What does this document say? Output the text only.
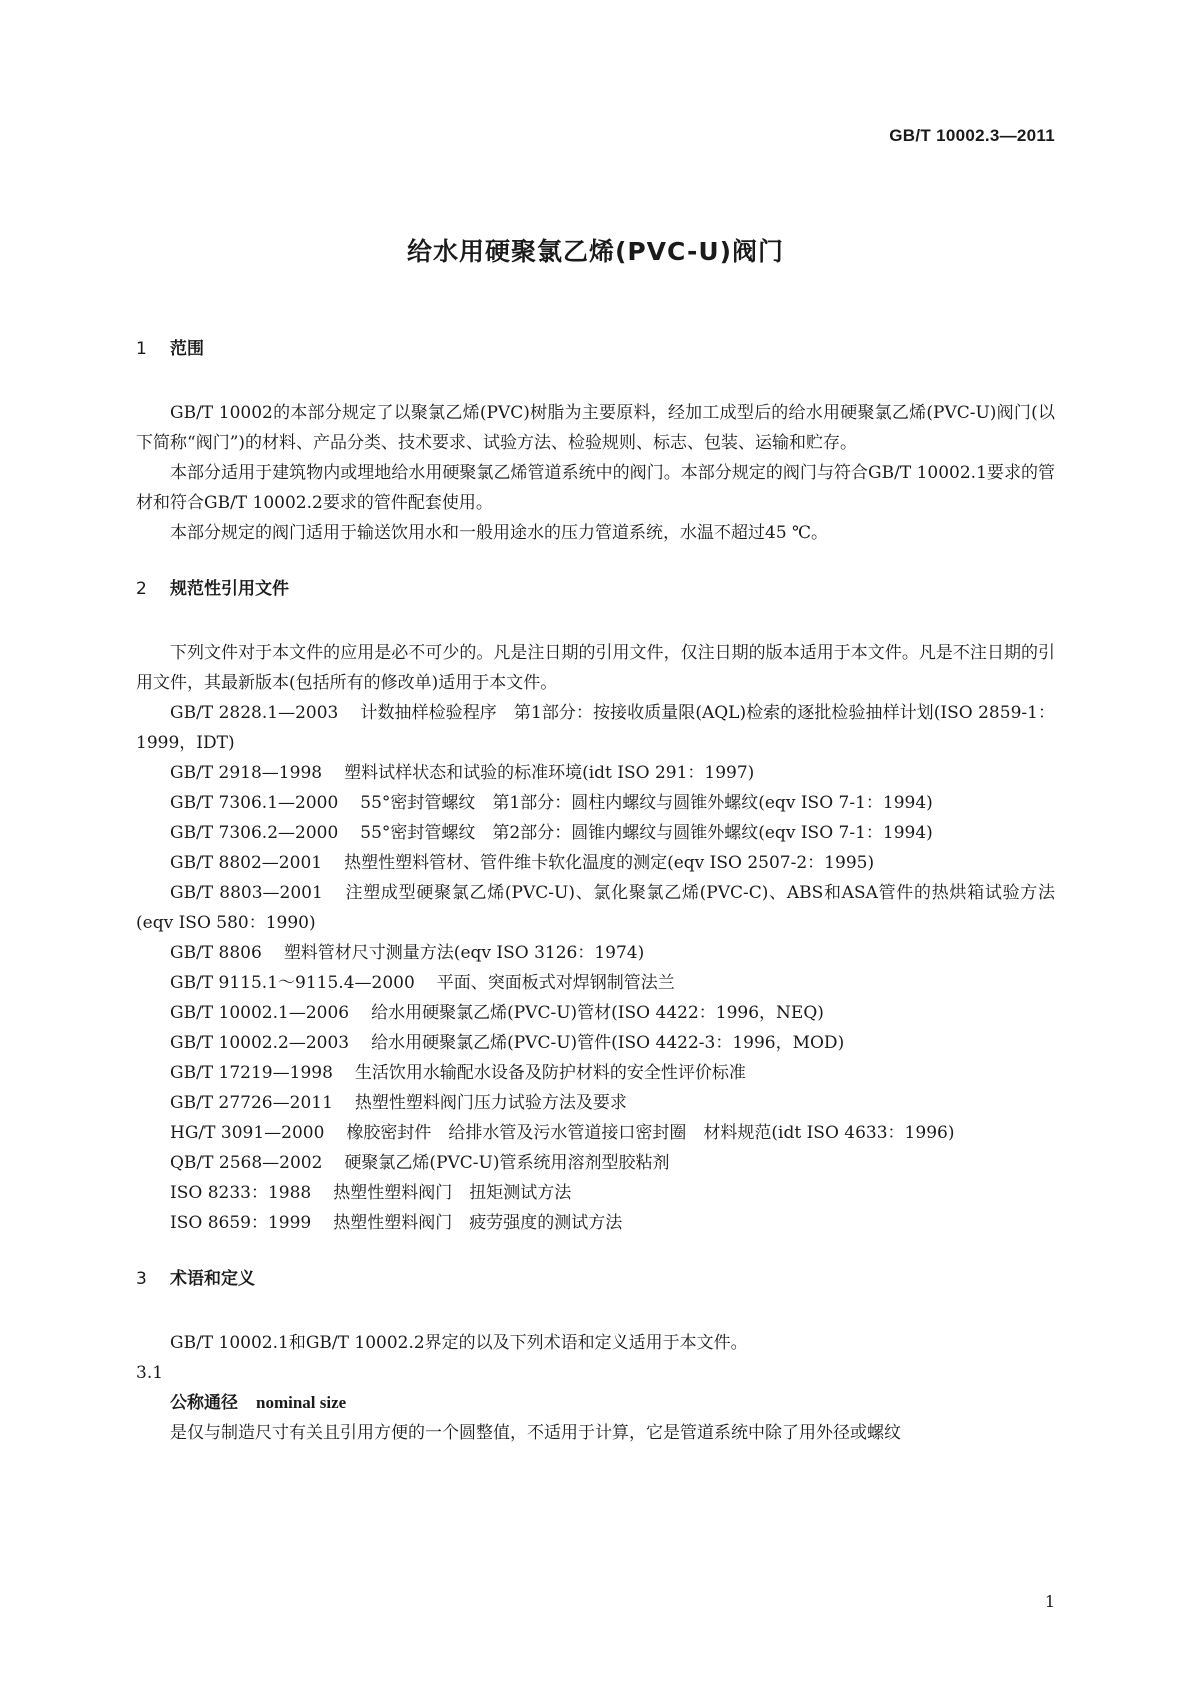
GB/T 10002.3—2011
给水用硬聚氯乙烯(PVC-U)阀门
1 范围

GB/T 10002的本部分规定了以聚氯乙烯(PVC)树脂为主要原料，经加工成型后的给水用硬聚氯乙烯(PVC-U)阀门(以下简称“阀门”)的材料、产品分类、技术要求、试验方法、检验规则、标志、包装、运输和贮存。

本部分适用于建筑物内或埋地给水用硬聚氯乙烯管道系统中的阀门。本部分规定的阀门与符合GB/T 10002.1要求的管材和符合GB/T 10002.2要求的管件配套使用。

本部分规定的阀门适用于输送饮用水和一般用途水的压力管道系统，水温不超过45 ℃。

2 规范性引用文件

下列文件对于本文件的应用是必不可少的。凡是注日期的引用文件，仅注日期的版本适用于本文件。凡是不注日期的引用文件，其最新版本(包括所有的修改单)适用于本文件。

GB/T 2828.1—2003 计数抽样检验程序　第1部分：按接收质量限(AQL)检索的逐批检验抽样计划(ISO 2859-1：1999，IDT)
GB/T 2918—1998 塑料试样状态和试验的标准环境(idt ISO 291：1997)
GB/T 7306.1—2000 55°密封管螺纹　第1部分：圆柱内螺纹与圆锥外螺纹(eqv ISO 7-1：1994)
GB/T 7306.2—2000 55°密封管螺纹　第2部分：圆锥内螺纹与圆锥外螺纹(eqv ISO 7-1：1994)
GB/T 8802—2001 热塑性塑料管材、管件维卡软化温度的测定(eqv ISO 2507-2：1995)
GB/T 8803—2001 注塑成型硬聚氯乙烯(PVC-U)、氯化聚氯乙烯(PVC-C)、ABS和ASA管件的热烘箱试验方法(eqv ISO 580：1990)
GB/T 8806 塑料管材尺寸测量方法(eqv ISO 3126：1974)
GB/T 9115.1～9115.4—2000 平面、突面板式对焊钢制管法兰
GB/T 10002.1—2006 给水用硬聚氯乙烯(PVC-U)管材(ISO 4422：1996，NEQ)
GB/T 10002.2—2003 给水用硬聚氯乙烯(PVC-U)管件(ISO 4422-3：1996，MOD)
GB/T 17219—1998 生活饮用水输配水设备及防护材料的安全性评价标准
GB/T 27726—2011 热塑性塑料阀门压力试验方法及要求
HG/T 3091—2000 橡胶密封件　给排水管及污水管道接口密封圈　材料规范(idt ISO 4633：1996)
QB/T 2568—2002 硬聚氯乙烯(PVC-U)管系统用溶剂型胶粘剂
ISO 8233：1988 热塑性塑料阀门　扭矩测试方法
ISO 8659：1999 热塑性塑料阀门　疲劳强度的测试方法
3 术语和定义

GB/T 10002.1和GB/T 10002.2界定的以及下列术语和定义适用于本文件。

3.1
公称通径 nominal size

是仅与制造尺寸有关且引用方便的一个圆整值，不适用于计算，它是管道系统中除了用外径或螺纹

1
